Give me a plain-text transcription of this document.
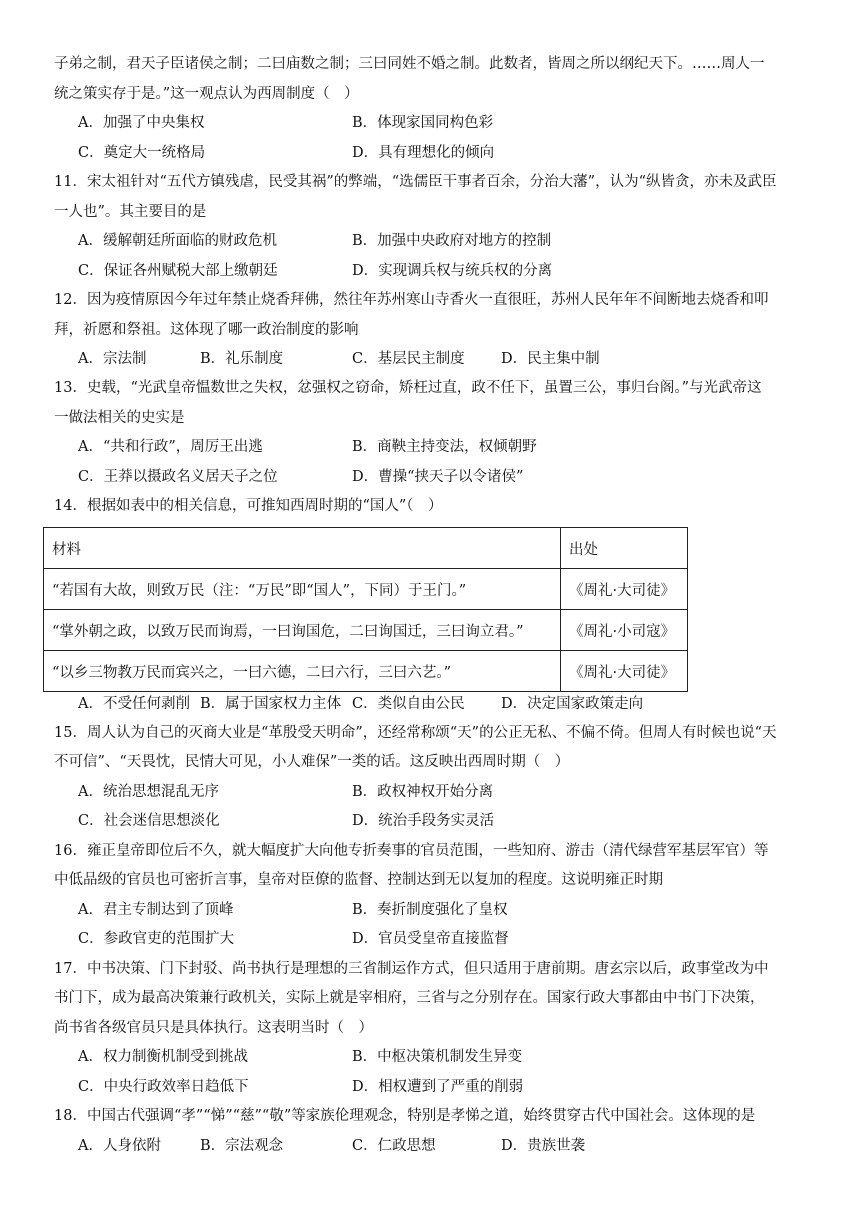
子弟之制，君天子臣诸侯之制；二曰庙数之制；三曰同姓不婚之制。此数者，皆周之所以纲纪天下。……周人一
统之策实存于是。”这一观点认为西周制度（　）
A．加强了中央集权	B．体现家国同构色彩
C．奠定大一统格局	D．具有理想化的倾向
11．宋太祖针对“五代方镇残虐，民受其祸”的弊端，“选儒臣干事者百余，分治大藩”，认为“纵皆贪，亦未及武臣
一人也”。其主要目的是
A．缓解朝廷所面临的财政危机	B．加强中央政府对地方的控制
C．保证各州赋税大部上缴朝廷	D．实现调兵权与统兵权的分离
12．因为疫情原因今年过年禁止烧香拜佛，然往年苏州寒山寺香火一直很旺，苏州人民年年不间断地去烧香和叩
拜，祈愿和祭祖。这体现了哪一政治制度的影响
A．宗法制	B．礼乐制度	C．基层民主制度	D．民主集中制
13．史载，“光武皇帝愠数世之失权，忿强权之窃命，矫枉过直，政不任下，虽置三公，事归台阁。”与光武帝这
一做法相关的史实是
A．“共和行政”，周厉王出逃	B．商鞅主持变法，权倾朝野
C．王莽以摄政名义居天子之位	D．曹操“挟天子以令诸侯”
14．根据如表中的相关信息，可推知西周时期的“国人”（　）
材料	出处
“若国有大故，则致万民（注：“万民”即“国人”，下同）于王门。”	《周礼·大司徒》
“掌外朝之政，以致万民而询焉，一曰询国危，二曰询国迁，三曰询立君。”	《周礼·小司寇》
“以乡三物教万民而宾兴之，一曰六德，二曰六行，三曰六艺。”	《周礼·大司徒》
A．不受任何剥削 B．属于国家权力主体 C．类似自由公民	D．决定国家政策走向
15．周人认为自己的灭商大业是“革殷受天明命”，还经常称颂“天”的公正无私、不偏不倚。但周人有时候也说“天
不可信”、“天畏忱，民情大可见，小人难保”一类的话。这反映出西周时期（　）
A．统治思想混乱无序	B．政权神权开始分离
C．社会迷信思想淡化	D．统治手段务实灵活
16．雍正皇帝即位后不久，就大幅度扩大向他专折奏事的官员范围，一些知府、游击（清代绿营军基层军官）等
中低品级的官员也可密折言事，皇帝对臣僚的监督、控制达到无以复加的程度。这说明雍正时期
A．君主专制达到了顶峰	B．奏折制度强化了皇权
C．参政官吏的范围扩大	D．官员受皇帝直接监督
17．中书决策、门下封驳、尚书执行是理想的三省制运作方式，但只适用于唐前期。唐玄宗以后，政事堂改为中
书门下，成为最高决策兼行政机关，实际上就是宰相府，三省与之分别存在。国家行政大事都由中书门下决策，
尚书省各级官员只是具体执行。这表明当时（　）
A．权力制衡机制受到挑战	B．中枢决策机制发生异变
C．中央行政效率日趋低下	D．相权遭到了严重的削弱
18．中国古代强调“孝”“悌”“慈”“敬”等家族伦理观念，特别是孝悌之道，始终贯穿古代中国社会。这体现的是
A．人身依附	B．宗法观念	C．仁政思想	D．贵族世袭
